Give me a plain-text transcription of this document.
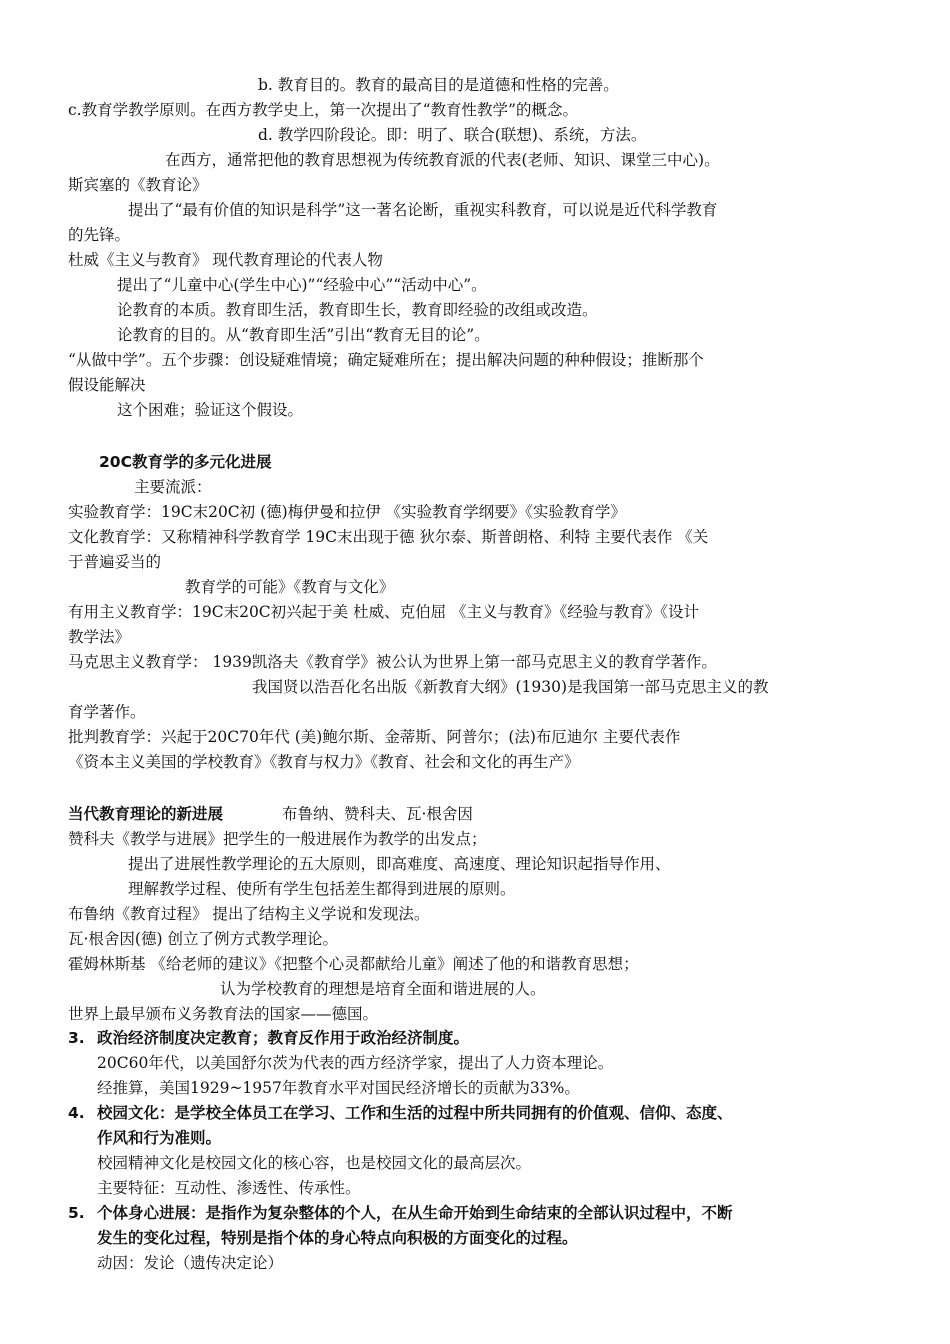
b. 教育目的。教育的最高目的是道德和性格的完善。
c.教育学教学原则。在西方教学史上，第一次提出了“教育性教学”的概念。
d. 教学四阶段论。即：明了、联合(联想)、系统，方法。
在西方，通常把他的教育思想视为传统教育派的代表(老师、知识、课堂三中心)。
斯宾塞的《教育论》
提出了“最有价值的知识是科学”这一著名论断，重视实科教育，可以说是近代科学教育
的先锋。
杜威《主义与教育》 现代教育理论的代表人物
提出了“儿童中心(学生中心)”“经验中心”“活动中心”。
论教育的本质。教育即生活，教育即生长，教育即经验的改组或改造。
论教育的目的。从“教育即生活”引出“教育无目的论”。
“从做中学”。五个步骤：创设疑难情境；确定疑难所在；提出解决问题的种种假设；推断那个
假设能解决
这个困难；验证这个假设。
20C教育学的多元化进展
主要流派：
实验教育学：19C末20C初 (德)梅伊曼和拉伊 《实验教育学纲要》《实验教育学》
文化教育学：又称精神科学教育学 19C末出现于德 狄尔泰、斯普朗格、利特 主要代表作 《关
于普遍妥当的
教育学的可能》《教育与文化》
有用主义教育学：19C末20C初兴起于美 杜威、克伯屈 《主义与教育》《经验与教育》《设计
教学法》
马克思主义教育学： 1939凯洛夫《教育学》被公认为世界上第一部马克思主义的教育学著作。
我国贤以浩吾化名出版《新教育大纲》(1930)是我国第一部马克思主义的教
育学著作。
批判教育学：兴起于20C70年代 (美)鲍尔斯、金蒂斯、阿普尔；(法)布厄迪尔 主要代表作
《资本主义美国的学校教育》《教育与权力》《教育、社会和文化的再生产》
当代教育理论的新进展	布鲁纳、赞科夫、瓦·根舍因
赞科夫《教学与进展》把学生的一般进展作为教学的出发点；
提出了进展性教学理论的五大原则，即高难度、高速度、理论知识起指导作用、
理解教学过程、使所有学生包括差生都得到进展的原则。
布鲁纳《教育过程》 提出了结构主义学说和发现法。
瓦·根舍因(德) 创立了例方式教学理论。
霍姆林斯基 《给老师的建议》《把整个心灵都献给儿童》阐述了他的和谐教育思想；
认为学校教育的理想是培育全面和谐进展的人。
世界上最早颁布义务教育法的国家——德国。
3. 政治经济制度决定教育；教育反作用于政治经济制度。
20C60年代，以美国舒尔茨为代表的西方经济学家，提出了人力资本理论。
经推算，美国1929~1957年教育水平对国民经济增长的贡献为33%。
4. 校园文化：是学校全体员工在学习、工作和生活的过程中所共同拥有的价值观、信仰、态度、
作风和行为准则。
校园精神文化是校园文化的核心容，也是校园文化的最高层次。
主要特征：互动性、渗透性、传承性。
5. 个体身心进展：是指作为复杂整体的个人，在从生命开始到生命结束的全部认识过程中，不断
发生的变化过程，特别是指个体的身心特点向积极的方面变化的过程。
动因：发论（遗传决定论）
